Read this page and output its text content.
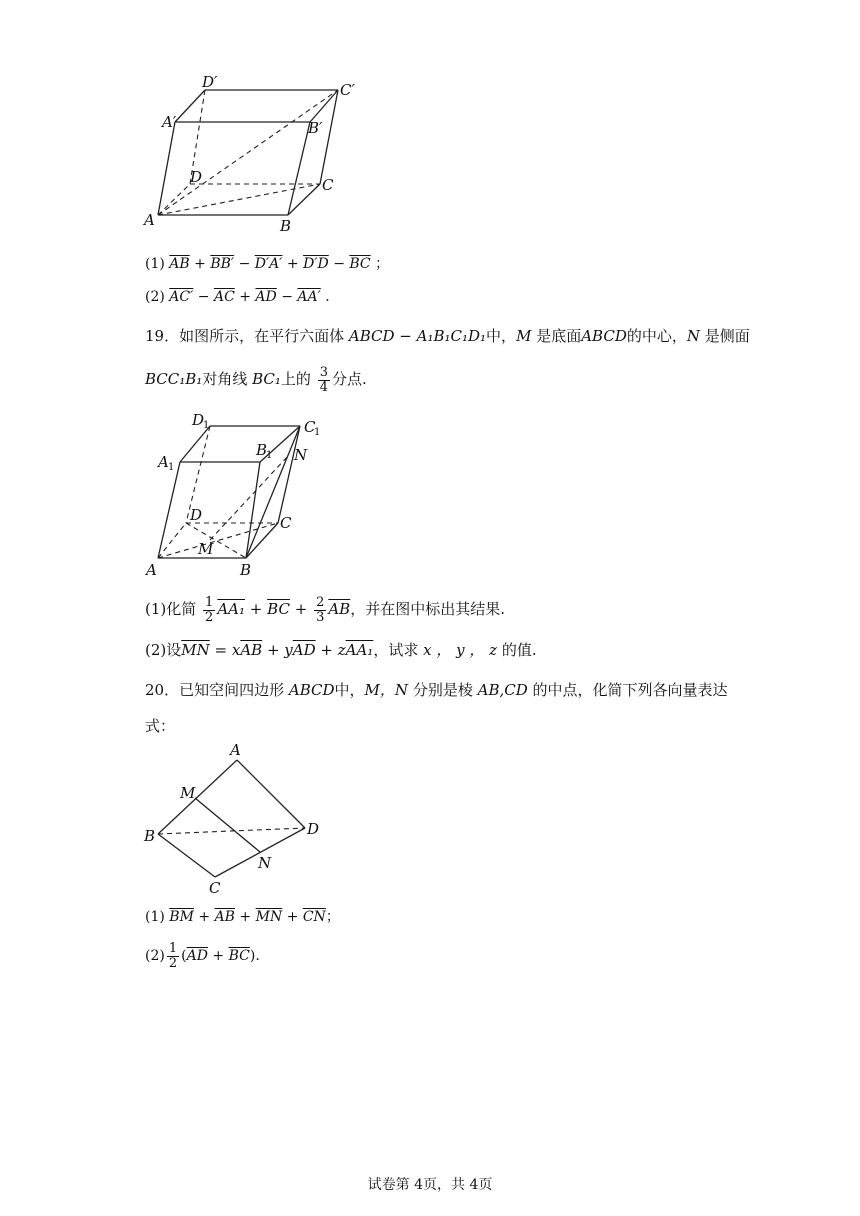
A	B
C
D
A′	B′
C′
D′
(1) $\overline{AB} + BB' - D'A' + D'D - \overline{BC}$ ；
(2) $AC' - \overline{AC} + \overline{AD} - AA'$ .
19．如图所示，在平行六面体 ABCD − A₁B₁C₁D₁中，M 是底面ABCD的中心，N 是侧面
BCC₁B₁对角线 BC₁上的 $\frac{3}{4}$ 分点.
A	B
C
D
A 1
B
1
C
1
D
1
M
N
(1)化简 $\frac{1}{2} AA_1 + \overline{BC} + \frac{2}{3} \overline{AB}$，并在图中标出其结果.
(2)设$\overline{MN} = x\overline{AB} + y\overline{AD} + zAA_1$，试求 x ， y ， z 的值.
20．已知空间四边形 ABCD中，M，N 分别是棱 AB,CD 的中点，化简下列各向量表达
式：
A
B
C
D
M
N
(1) $\overline{BM} + \overline{AB} + \overline{MN} + \overline{CN}$；
$(2) \frac{1}{2} (\overline{AD} + \overline{BC})$.
试卷第 4页，共 4页
